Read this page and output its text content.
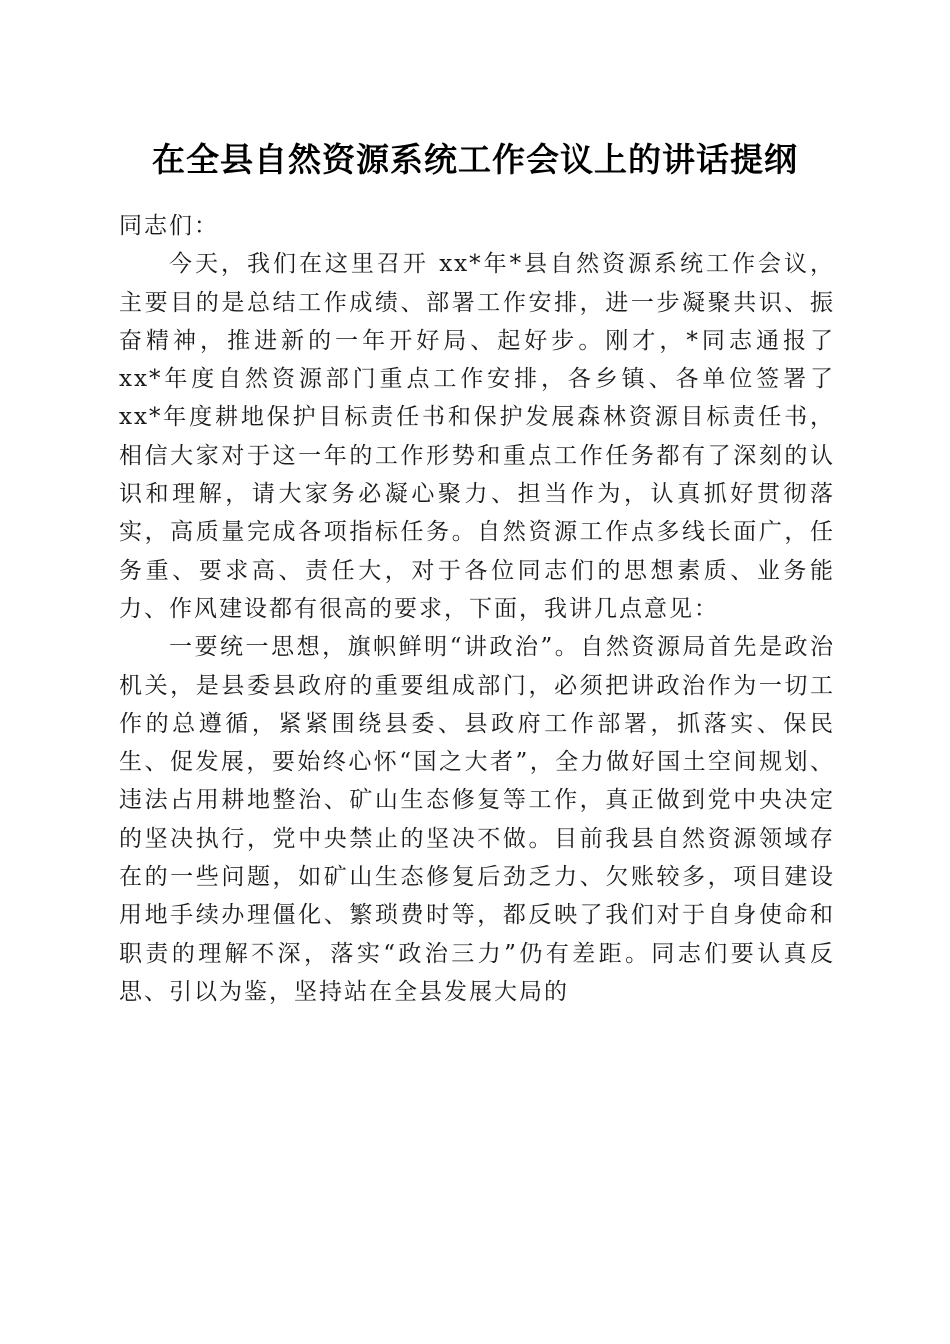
在全县自然资源系统工作会议上的讲话提纲

同志们：

今天，我们在这里召开 xx*年*县自然资源系统工作会议，主要目的是总结工作成绩、部署工作安排，进一步凝聚共识、振奋精神，推进新的一年开好局、起好步。刚才，*同志通报了 xx*年度自然资源部门重点工作安排，各乡镇、各单位签署了 xx*年度耕地保护目标责任书和保护发展森林资源目标责任书，相信大家对于这一年的工作形势和重点工作任务都有了深刻的认识和理解，请大家务必凝心聚力、担当作为，认真抓好贯彻落实，高质量完成各项指标任务。自然资源工作点多线长面广，任务重、要求高、责任大，对于各位同志们的思想素质、业务能力、作风建设都有很高的要求，下面，我讲几点意见：

一要统一思想，旗帜鲜明“讲政治”。自然资源局首先是政治机关，是县委县政府的重要组成部门，必须把讲政治作为一切工作的总遵循，紧紧围绕县委、县政府工作部署，抓落实、保民生、促发展，要始终心怀“国之大者”，全力做好国土空间规划、违法占用耕地整治、矿山生态修复等工作，真正做到党中央决定的坚决执行，党中央禁止的坚决不做。目前我县自然资源领域存在的一些问题，如矿山生态修复后劲乏力、欠账较多，项目建设用地手续办理僵化、繁琐费时等，都反映了我们对于自身使命和职责的理解不深，落实“政治三力”仍有差距。同志们要认真反思、引以为鉴，坚持站在全县发展大局的
